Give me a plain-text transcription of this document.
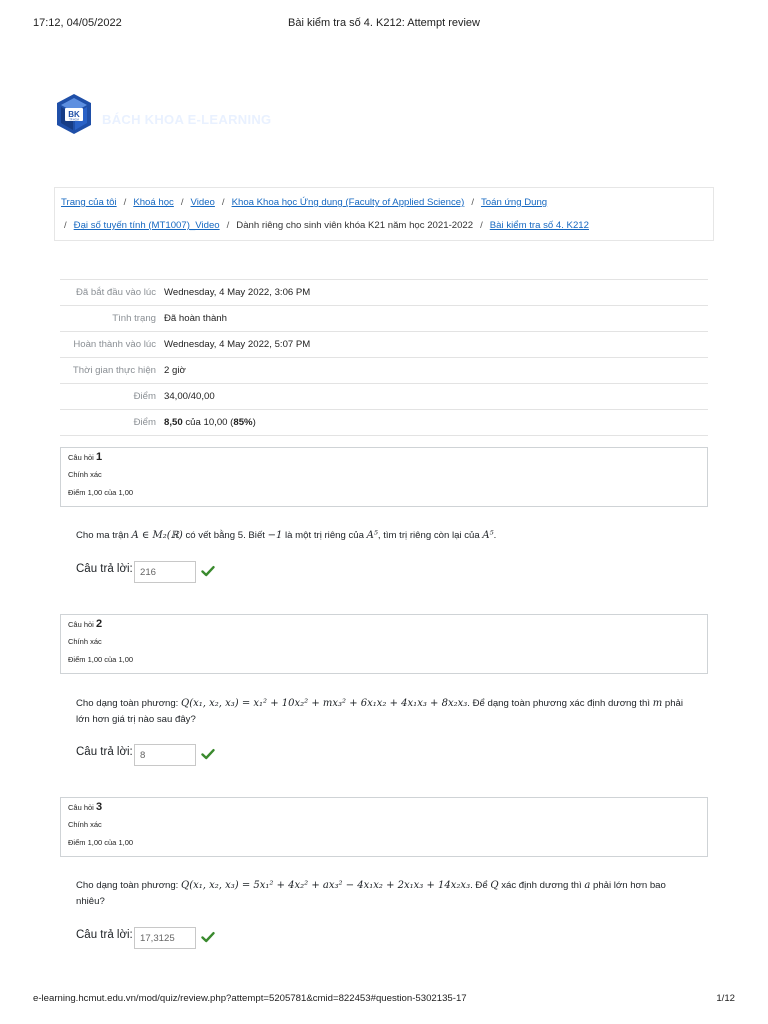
17:12, 04/05/2022	Bài kiểm tra số 4. K212: Attempt review
BK
TP.HCM BÁCH KHOA E-LEARNING
Trang của tôi / Khoá học / Video / Khoa Khoa học Ứng dụng (Faculty of Applied Science) / Toán ứng Dụng
/ Đại số tuyến tính (MT1007)_Video / Dành riêng cho sinh viên khóa K21 năm học 2021-2022 / Bài kiểm tra số 4. K212
Đã bắt đầu vào lúc	Wednesday, 4 May 2022, 3:06 PM
Tình trạng	Đã hoàn thành
Hoàn thành vào lúc	Wednesday, 4 May 2022, 5:07 PM
Thời gian thực hiện	2 giờ
Điểm	34,00/40,00
Điểm	8,50 của 10,00 (85%)
Câu hỏi 1
Chính xác
Điểm 1,00 của 1,00
Cho ma trận A ∈ M₂(ℝ) có vết bằng 5. Biết −1 là một trị riêng của A⁵, tìm trị riêng còn lại của A⁵.
Câu trả lời: 216
Câu hỏi 2
Chính xác
Điểm 1,00 của 1,00
Cho dạng toàn phương: Q(x₁, x₂, x₃) = x₁² + 10x₂² + mx₃² + 6x₁x₂ + 4x₁x₃ + 8x₂x₃. Để dạng toàn phương xác định dương thì m phải lớn hơn giá trị nào sau đây?
Câu trả lời: 8
Câu hỏi 3
Chính xác
Điểm 1,00 của 1,00
Cho dạng toàn phương: Q(x₁, x₂, x₃) = 5x₁² + 4x₂² + ax₃² − 4x₁x₂ + 2x₁x₃ + 14x₂x₃. Để Q xác định dương thì a phải lớn hơn bao nhiêu?
Câu trả lời: 17,3125
e-learning.hcmut.edu.vn/mod/quiz/review.php?attempt=5205781&cmid=822453#question-5302135-17	1/12
